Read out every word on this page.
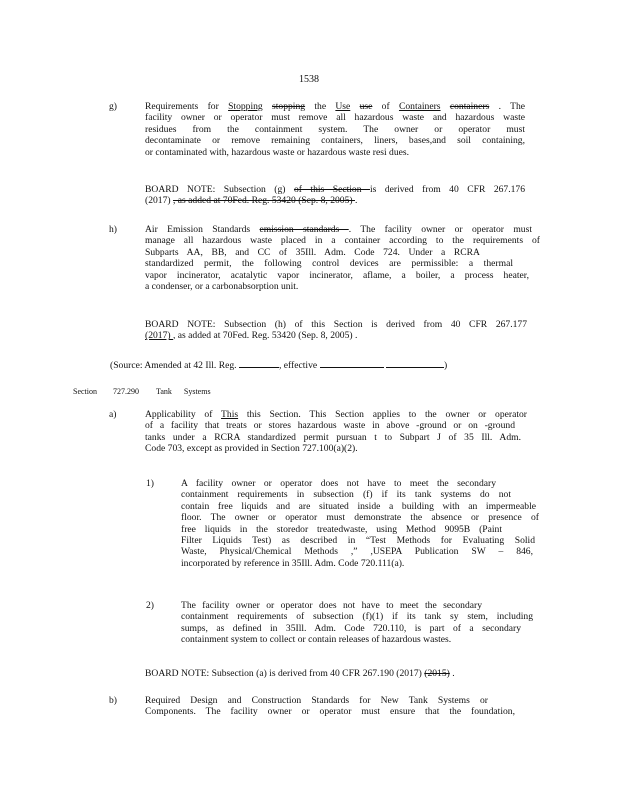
1538
g)	Requirements for Stopping stopping the Use use of Containers containers . The
facility owner or operator must remove all hazardous waste and hazardous waste
residues from the containment system. The owner or operator must
decontaminate or remove remaining containers, liners, bases,and soil containing,
or contaminated with, hazardous waste or hazardous waste resi dues.
BOARD NOTE: Subsection (g) of this Section is derived from 40 CFR 267.176
(2017) , as added at 70Fed. Reg. 53420 (Sep. 8, 2005) .
h)	Air Emission Standards emission standards . The facility owner or operator must
manage all hazardous waste placed in a container according to the requirements of
Subparts AA, BB, and CC of 35Ill. Adm. Code 724. Under a RCRA
standardized permit, the following control devices are permissible: a thermal
vapor incinerator, acatalytic vapor incinerator, aflame, a boiler, a process heater,
a condenser, or a carbonabsorption unit.
BOARD NOTE: Subsection (h) of this Section is derived from 40 CFR 267.177
(2017) , as added at 70Fed. Reg. 53420 (Sep. 8, 2005) .
(Source: Amended at 42 Ill. Reg.	, effective	)
Section 727.290 Tank      Systems
a)	Applicability of This this Section. This Section applies to the owner or operator
of a facility that treats or stores hazardous waste in above -ground or on -ground
tanks under a RCRA standardized permit pursuan t to Subpart J of 35 Ill. Adm.
Code 703, except as provided in Section 727.100(a)(2).
1)	A facility owner or operator does not have to meet the secondary
containment requirements in subsection (f) if its tank systems do not
contain free liquids and are situated inside a building with an impermeable
floor. The owner or operator must demonstrate the absence or presence of
free liquids in the storedor treatedwaste, using Method 9095B (Paint
Filter Liquids Test) as described in “Test Methods for Evaluating Solid
Waste, Physical/Chemical Methods ,” ,USEPA Publication SW – 846,
incorporated by reference in 35Ill. Adm. Code 720.111(a).
2)	The facility owner or operator does not have to meet the secondary
containment requirements of subsection (f)(1) if its tank sy stem, including
sumps, as defined in 35Ill. Adm. Code 720.110, is part of a secondary
containment system to collect or contain releases of hazardous wastes.
BOARD NOTE: Subsection (a) is derived from 40 CFR 267.190 (2017) (2015) .
b)	Required Design and Construction Standards for New Tank Systems or
Components. The facility owner or operator must ensure that the foundation,
